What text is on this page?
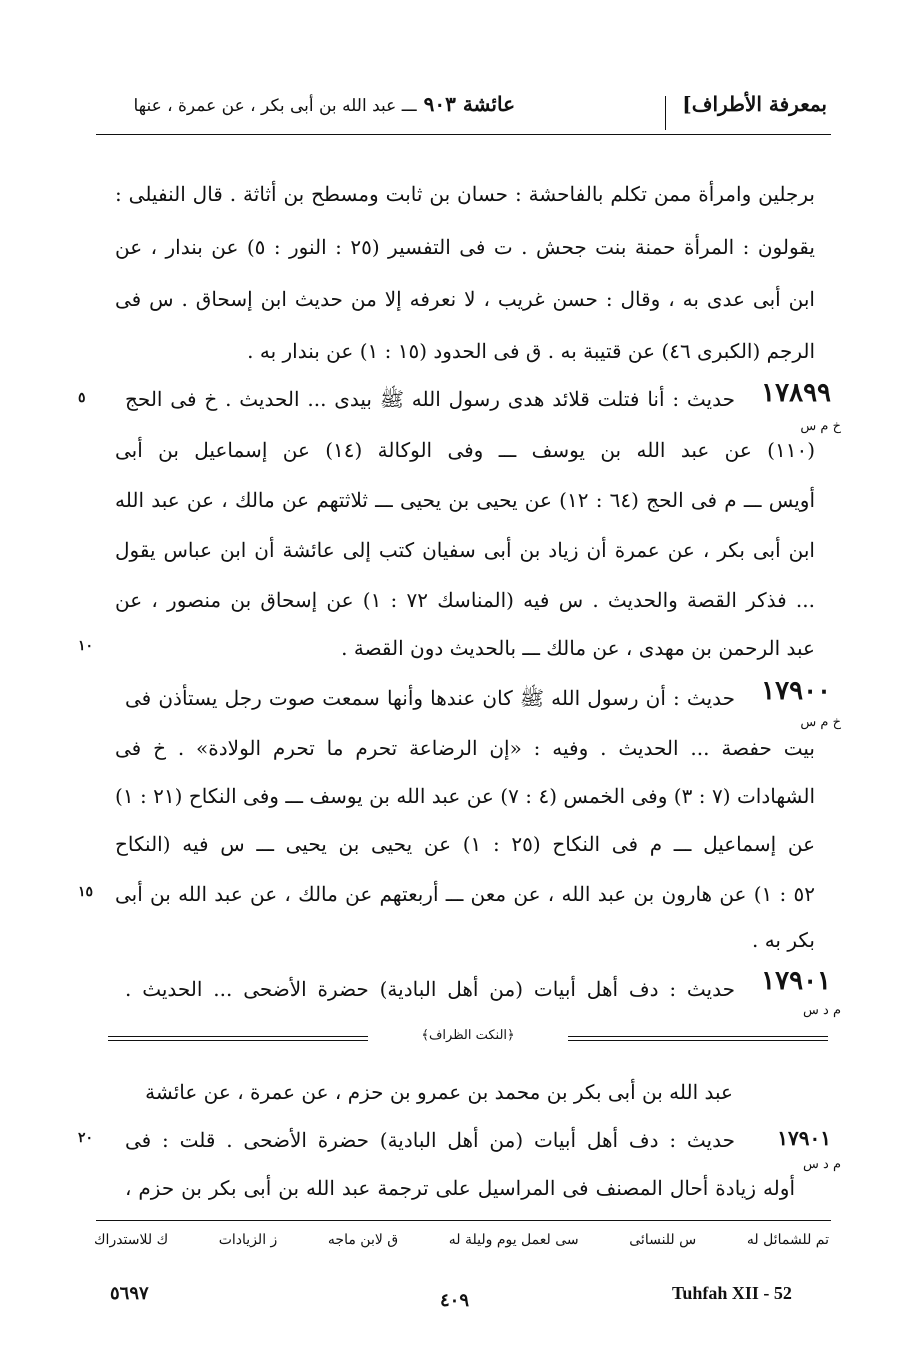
بمعرفة الأطراف]
عائشة ٩٠٣ ـــ عبد الله بن أبى بكر ، عن عمرة ، عنها
برجلين وامرأة ممن تكلم بالفاحشة : حسان بن ثابت ومسطح بن أثاثة . قال النفيلى :
يقولون : المرأة حمنة بنت جحش . ت فى التفسير (٢٥ : النور : ٥) عن بندار ، عن
ابن أبى عدى به ، وقال : حسن غريب ، لا نعرفه إلا من حديث ابن إسحاق . س فى
الرجم (الكبرى ٤٦) عن قتيبة به . ق فى الحدود (١٥ : ١) عن بندار به .
حديث : أنا فتلت قلائد هدى رسول الله ﷺ بيدى ... الحديث . خ فى الحج ١٧٨٩٩
خ م س
٥
(١١٠) عن عبد الله بن يوسف ـــ وفى الوكالة (١٤) عن إسماعيل بن أبى
أويس ـــ م فى الحج (٦٤ : ١٢) عن يحيى بن يحيى ـــ ثلاثتهم عن مالك ، عن عبد الله
ابن أبى بكر ، عن عمرة أن زياد بن أبى سفيان كتب إلى عائشة أن ابن عباس يقول
... فذكر القصة والحديث . س فيه (المناسك ٧٢ : ١) عن إسحاق بن منصور ، عن
عبد الرحمن بن مهدى ، عن مالك ـــ بالحديث دون القصة .
١٠
حديث : أن رسول الله ﷺ كان عندها وأنها سمعت صوت رجل يستأذن فى ١٧٩٠٠
خ م س
بيت حفصة ... الحديث . وفيه : «إن الرضاعة تحرم ما تحرم الولادة» . خ فى
الشهادات (٧ : ٣) وفى الخمس (٤ : ٧) عن عبد الله بن يوسف ـــ وفى النكاح (٢١ : ١)
عن إسماعيل ـــ م فى النكاح (٢٥ : ١) عن يحيى بن يحيى ـــ س فيه (النكاح
٥٢ : ١) عن هارون بن عبد الله ، عن معن ـــ أربعتهم عن مالك ، عن عبد الله بن أبى
١٥
بكر به .
حديث : دف أهل أبيات (من أهل البادية) حضرة الأضحى ... الحديث . ١٧٩٠١
م د س
﴿النكت الظراف﴾
عبد الله بن أبى بكر بن محمد بن عمرو بن حزم ، عن عمرة ، عن عائشة
حديث : دف أهل أبيات (من أهل البادية) حضرة الأضحى . قلت : فى ١٧٩٠١
م د س
٢٠
أوله زيادة أحال المصنف فى المراسيل على ترجمة عبد الله بن أبى بكر بن حزم ،
تم للشمائل له
س للنسائى
سى لعمل يوم وليلة له
ق لابن ماجه
ز الزيادات
ك للاستدراك
Tuhfah XII - 52
٤٠٩
٥٦٩٧
